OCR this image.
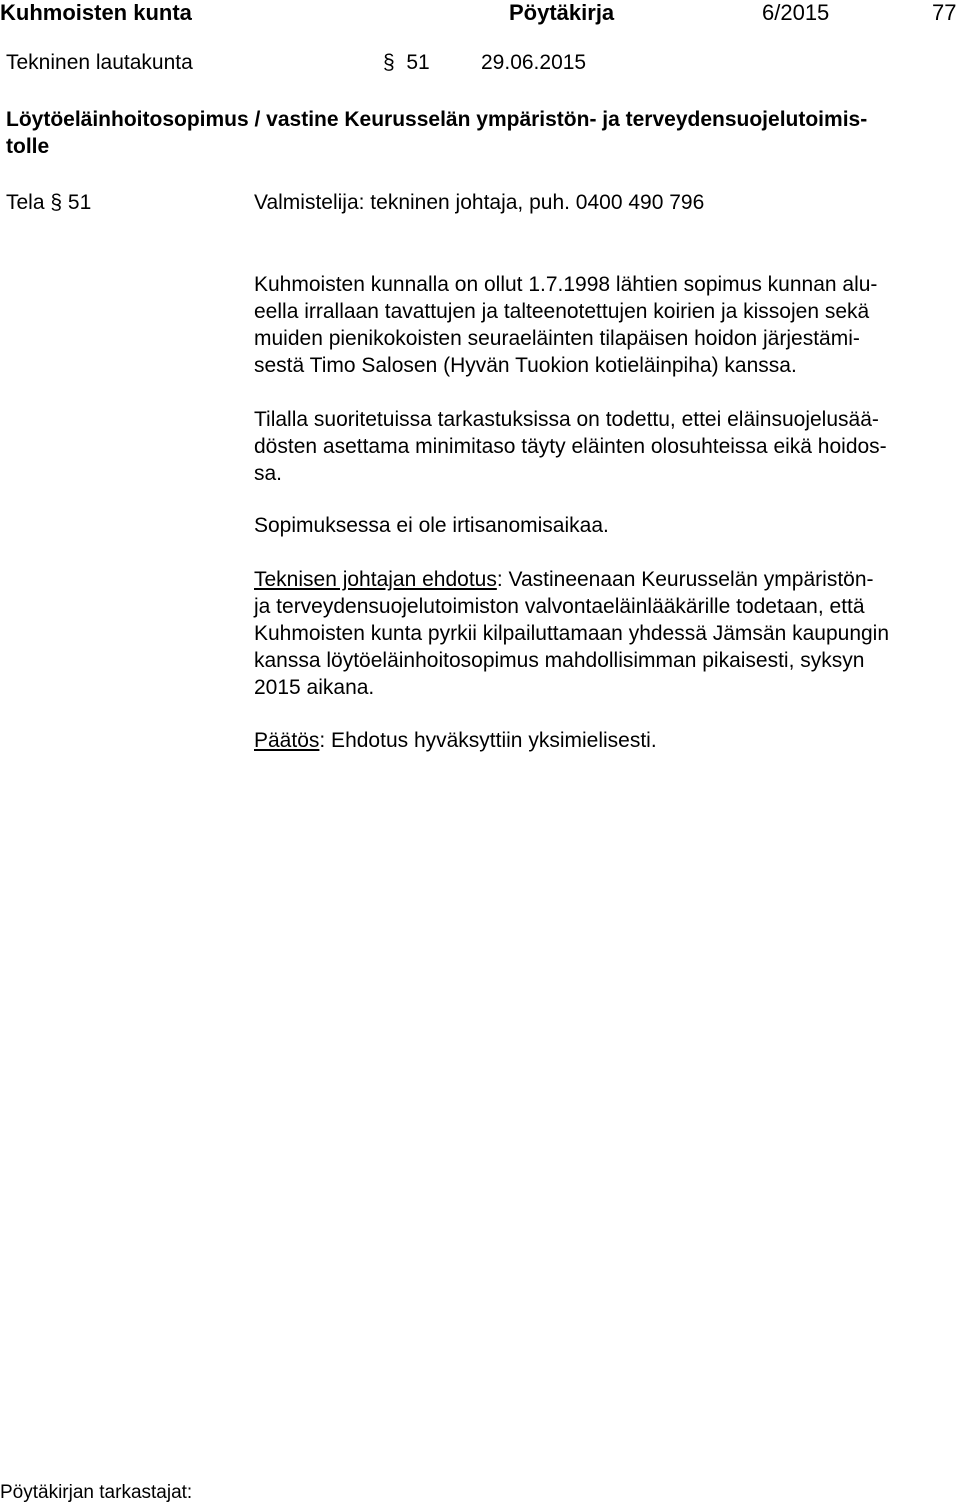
Kuhmoisten kunta	Pöytäkirja	6/2015	77
Tekninen lautakunta	§ 51 29.06.2015
Löytöeläinhoitosopimus / vastine Keurusselän ympäristön- ja terveydensuojelutoimis-
tolle
Tela § 51	Valmistelija: tekninen johtaja, puh. 0400 490 796
Kuhmoisten kunnalla on ollut 1.7.1998 lähtien sopimus kunnan alu-
eella irrallaan tavattujen ja talteenotettujen koirien ja kissojen sekä
muiden pienikokoisten seuraeläinten tilapäisen hoidon järjestämi-
sestä Timo Salosen (Hyvän Tuokion kotieläinpiha) kanssa.
Tilalla suoritetuissa tarkastuksissa on todettu, ettei eläinsuojelusää-
dösten asettama minimitaso täyty eläinten olosuhteissa eikä hoidos-
sa.
Sopimuksessa ei ole irtisanomisaikaa.
Teknisen johtajan ehdotus: Vastineenaan Keurusselän ympäristön-
ja terveydensuojelutoimiston valvontaeläinlääkärille todetaan, että
Kuhmoisten kunta pyrkii kilpailuttamaan yhdessä Jämsän kaupungin
kanssa löytöeläinhoitosopimus mahdollisimman pikaisesti, syksyn
2015 aikana.
Päätös: Ehdotus hyväksyttiin yksimielisesti.
Pöytäkirjan tarkastajat:
